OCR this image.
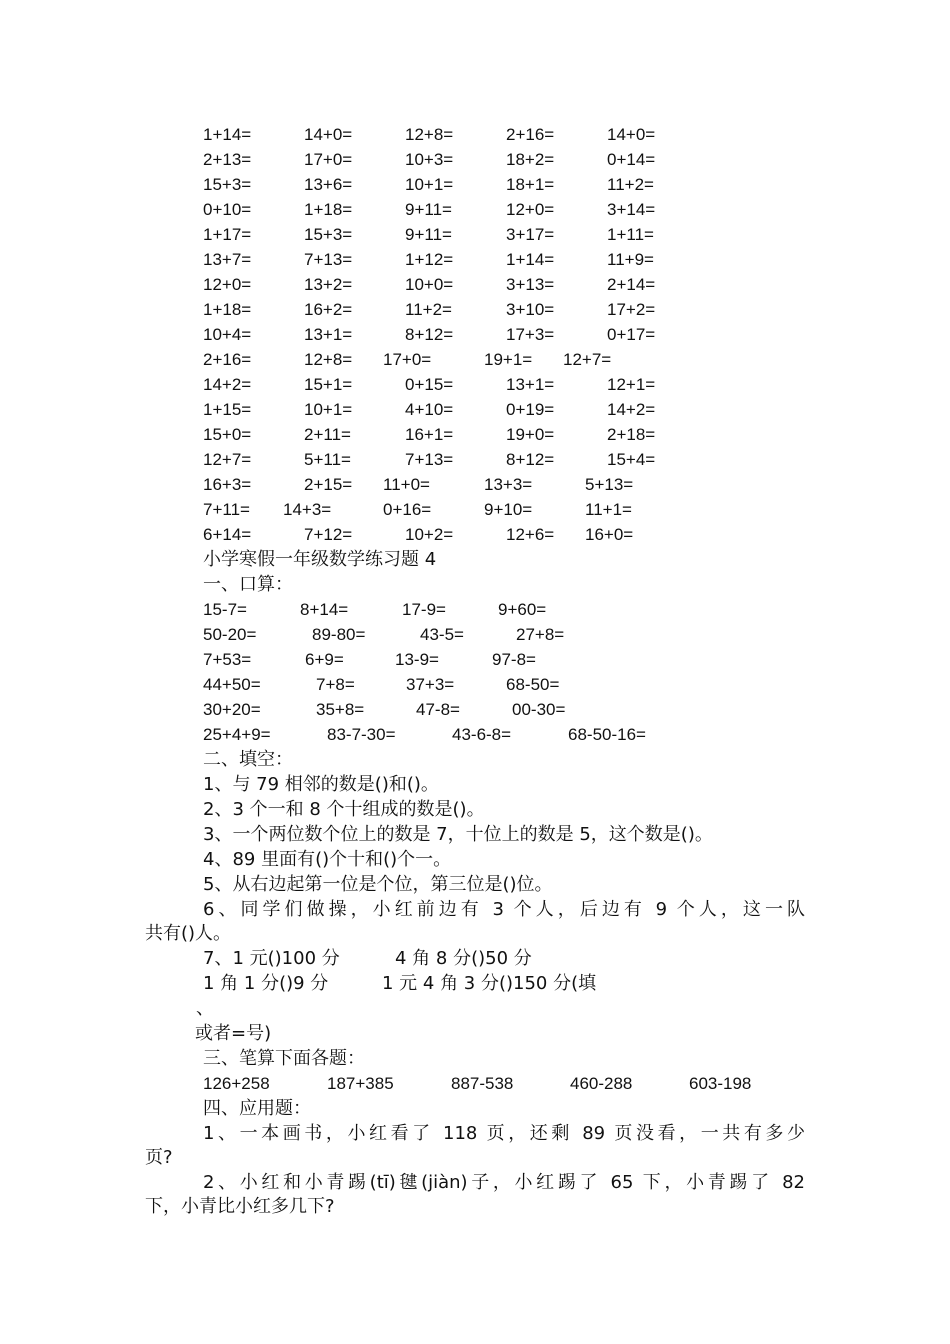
1+14=	14+0=	12+8=	2+16=	14+0=
2+13=	17+0=	10+3=	18+2=	0+14=
15+3=	13+6=	10+1=	18+1=	11+2=
0+10=	1+18=	9+11=	12+0=	3+14=
1+17=	15+3=	9+11=	3+17=	1+11=
13+7=	7+13=	1+12=	1+14=	11+9=
12+0=	13+2=	10+0=	3+13=	2+14=
1+18=	16+2=	11+2=	3+10=	17+2=
10+4=	13+1=	8+12=	17+3=	0+17=
2+16=	12+8= 17+0=	19+1= 12+7=
14+2=	15+1=	0+15=	13+1=	12+1=
1+15=	10+1=	4+10=	0+19=	14+2=
15+0=	2+11=	16+1=	19+0=	2+18=
12+7=	5+11=	7+13=	8+12=	15+4=
16+3=	2+15= 11+0=	13+3=	5+13=
7+11= 14+3=	0+16=	9+10=	11+1=
6+14=	7+12=	10+2=	12+6= 16+0=
小学寒假一年级数学练习题 4
一、口算：
15-7=	8+14=	17-9=	9+60=
50-20=	89-80=	43-5=	27+8=
7+53=	6+9=	13-9=	97-8=
44+50=	7+8=	37+3=	68-50=
30+20=	35+8=	47-8=	00-30=
25+4+9=	83-7-30=	43-6-8=	68-50-16=
二、填空：
1、与 79 相邻的数是()和()。
2、3 个一和 8 个十组成的数是()。
3、一个两位数个位上的数是 7，十位上的数是 5，这个数是()。
4、89 里面有()个十和()个一。
5、从右边起第一位是个位，第三位是()位。
6、同学们做操，小红前边有 3 个人，后边有 9 个人，这一队
共有()人。
7、1 元()100 分	4 角 8 分()50 分
1 角 1 分()9 分	1 元 4 角 3 分()150 分(填
、
或者=号)
三、笔算下面各题：
126+258	187+385	887-538	460-288	603-198
四、应用题：
1、一本画书，小红看了 118 页，还剩 89 页没看，一共有多少
页?
2、小红和小青踢(tī)毽(jiàn)子，小红踢了 65 下，小青踢了 82
下，小青比小红多几下?
